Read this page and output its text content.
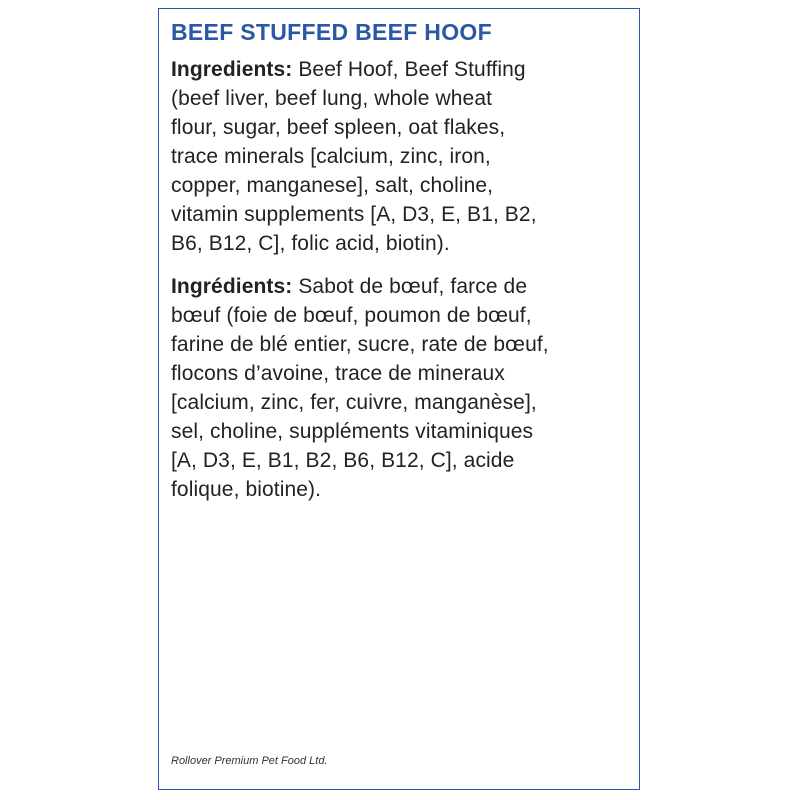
BEEF STUFFED BEEF HOOF

Ingredients: Beef Hoof, Beef Stuffing
(beef liver, beef lung, whole wheat
flour, sugar, beef spleen, oat flakes,
trace minerals [calcium, zinc, iron,
copper, manganese], salt, choline,
vitamin supplements [A, D3, E, B1, B2,
B6, B12, C], folic acid, biotin).

Ingrédients: Sabot de bœuf, farce de
bœuf (foie de bœuf, poumon de bœuf,
farine de blé entier, sucre, rate de bœuf,
flocons d’avoine, trace de mineraux
[calcium, zinc, fer, cuivre, manganèse],
sel, choline, suppléments vitaminiques
[A, D3, E, B1, B2, B6, B12, C], acide
folique, biotine).

Rollover Premium Pet Food Ltd.
